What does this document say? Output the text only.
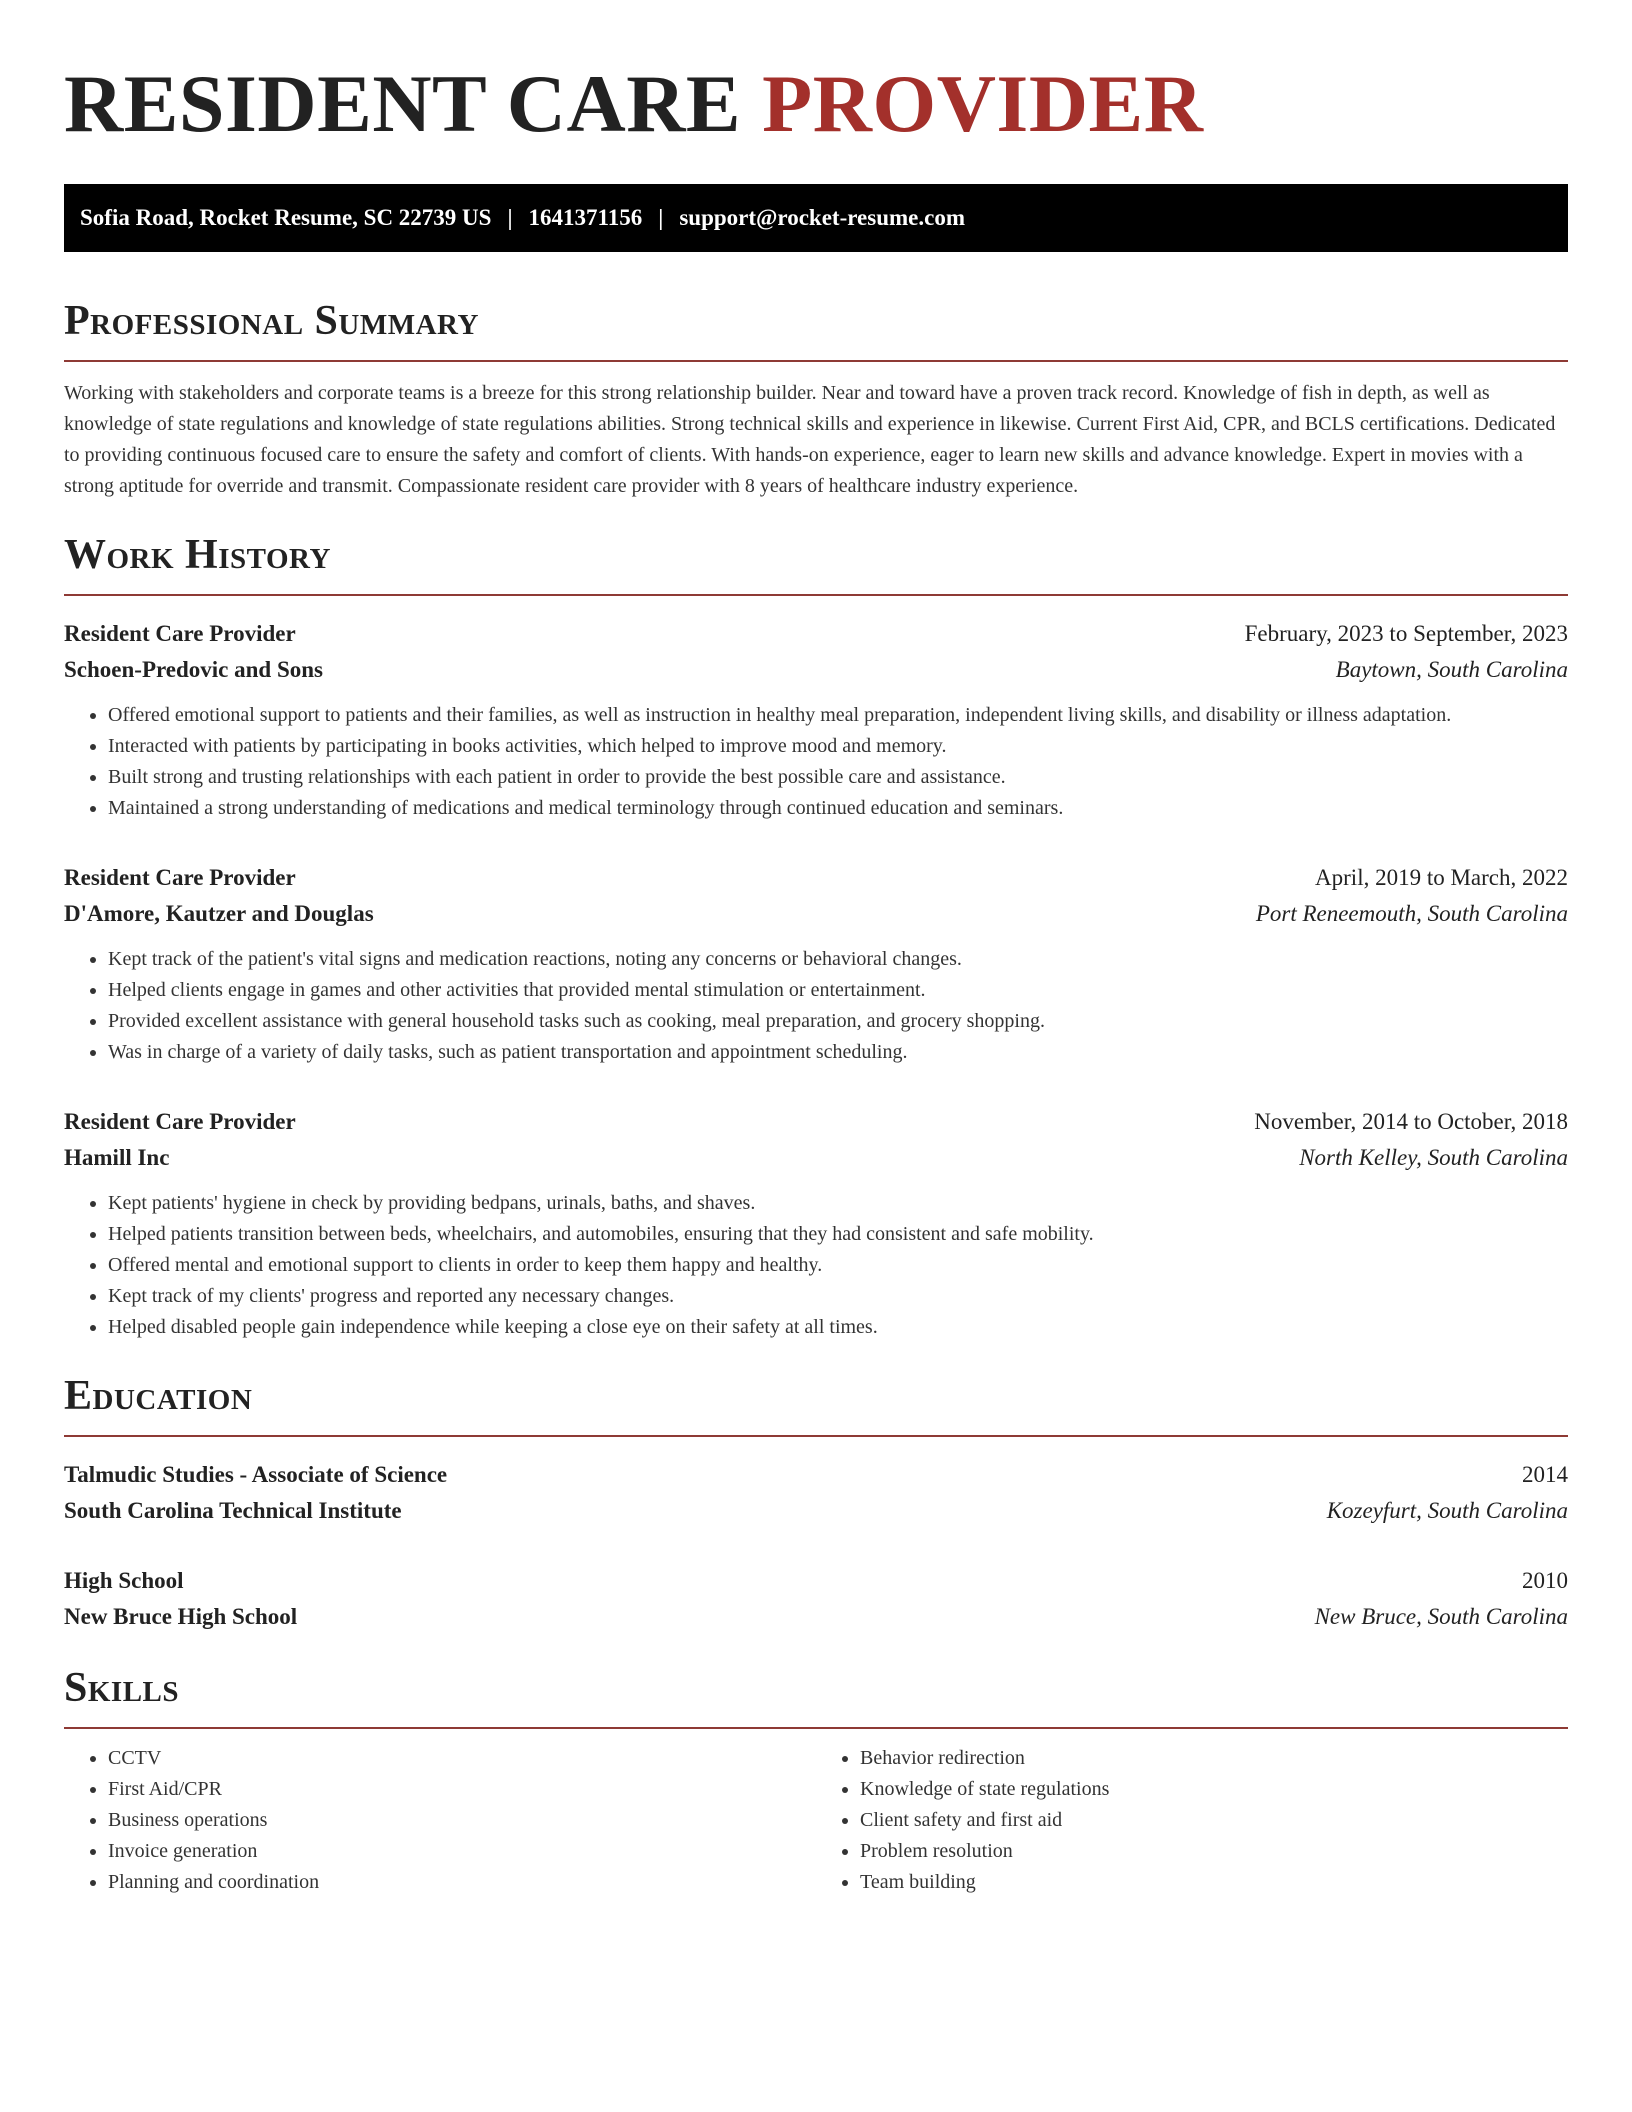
RESIDENT CARE PROVIDER
Sofia Road, Rocket Resume, SC 22739 US | 1641371156 | support@rocket-resume.com
Professional Summary

Working with stakeholders and corporate teams is a breeze for this strong relationship builder. Near and toward have a proven track record. Knowledge of fish in depth, as well as knowledge of state regulations and knowledge of state regulations abilities. Strong technical skills and experience in likewise. Current First Aid, CPR, and BCLS certifications. Dedicated to providing continuous focused care to ensure the safety and comfort of clients. With hands-on experience, eager to learn new skills and advance knowledge. Expert in movies with a strong aptitude for override and transmit. Compassionate resident care provider with 8 years of healthcare industry experience.

Work History
Resident Care Provider	February, 2023 to September, 2023
Schoen-Predovic and Sons	Baytown, South Carolina
• Offered emotional support to patients and their families, as well as instruction in healthy meal preparation, independent living skills, and disability or illness adaptation.
• Interacted with patients by participating in books activities, which helped to improve mood and memory.
• Built strong and trusting relationships with each patient in order to provide the best possible care and assistance.
• Maintained a strong understanding of medications and medical terminology through continued education and seminars.
Resident Care Provider	April, 2019 to March, 2022
D'Amore, Kautzer and Douglas	Port Reneemouth, South Carolina
• Kept track of the patient's vital signs and medication reactions, noting any concerns or behavioral changes.
• Helped clients engage in games and other activities that provided mental stimulation or entertainment.
• Provided excellent assistance with general household tasks such as cooking, meal preparation, and grocery shopping.
• Was in charge of a variety of daily tasks, such as patient transportation and appointment scheduling.
Resident Care Provider	November, 2014 to October, 2018
Hamill Inc	North Kelley, South Carolina
• Kept patients' hygiene in check by providing bedpans, urinals, baths, and shaves.
• Helped patients transition between beds, wheelchairs, and automobiles, ensuring that they had consistent and safe mobility.
• Offered mental and emotional support to clients in order to keep them happy and healthy.
• Kept track of my clients' progress and reported any necessary changes.
• Helped disabled people gain independence while keeping a close eye on their safety at all times.
Education
Talmudic Studies - Associate of Science	2014
South Carolina Technical Institute	Kozeyfurt, South Carolina
High School	2010
New Bruce High School	New Bruce, South Carolina
Skills
• CCTV
• First Aid/CPR
• Business operations
• Invoice generation
• Planning and coordination
• Behavior redirection
• Knowledge of state regulations
• Client safety and first aid
• Problem resolution
• Team building
